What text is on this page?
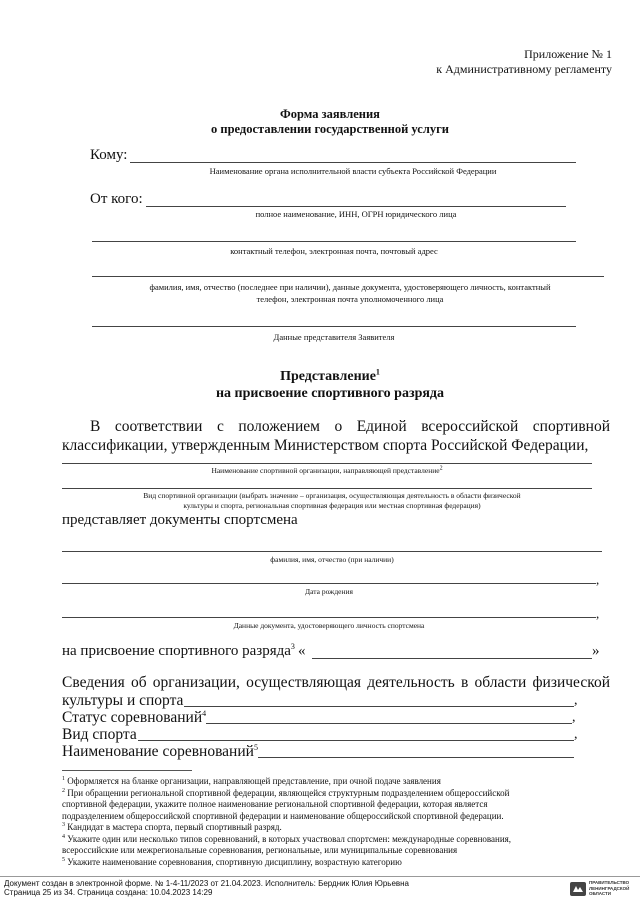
Приложение № 1
к Административному регламенту
Форма заявления
о предоставлении государственной услуги
Кому:
Наименование органа исполнительной власти субъекта Российской Федерации
От кого:
полное наименование, ИНН, ОГРН юридического лица
контактный телефон, электронная почта, почтовый адрес
фамилия, имя, отчество (последнее при наличии), данные документа, удостоверяющего личность, контактный
телефон, электронная почта уполномоченного лица
Данные представителя Заявителя
Представление$^1$
на присвоение спортивного разряда
В соответствии с положением о Единой всероссийской спортивной
классификации, утвержденным Министерством спорта Российской Федерации,
Наименование спортивной организации, направляющей представление$^2$
Вид спортивной организации (выбрать значение – организация, осуществляющая деятельность в области физической
культуры и спорта, региональная спортивная федерация или местная спортивная федерация)
представляет документы спортсмена
фамилия, имя, отчество (при наличии)
,
Дата рождения
,
Данные документа, удостоверяющего личность спортсмена
на присвоение спортивного разряда$^3$ «	»
Сведения об организации, осуществляющая деятельность в области физической
культуры и спорта	,
Статус соревнований$^4$	,
Вид спорта	,
Наименование соревнований$^5$
$^1$ Оформляется на бланке организации, направляющей представление, при очной подаче заявления
$^2$ При обращении региональной спортивной федерации, являющейся структурным подразделением общероссийской
спортивной федерации, укажите полное наименование региональной спортивной федерации, которая является
подразделением общероссийской спортивной федерации и наименование общероссийской спортивной федерации.
$^3$ Кандидат в мастера спорта, первый спортивный разряд.
$^4$ Укажите один или несколько типов соревнований, в которых участвовал спортсмен: международные соревнования,
всероссийские или межрегиональные соревнования, региональные, или муниципальные соревнования
$^5$ Укажите наименование соревнования, спортивную дисциплину, возрастную категорию
Документ создан в электронной форме. № 1-4-11/2023 от 21.04.2023. Исполнитель: Бердник Юлия Юрьевна
Страница 25 из 34. Страница создана: 10.04.2023 14:29
ПРАВИТЕЛЬСТВО
ЛЕНИНГРАДСКОЙ
ОБЛАСТИ
